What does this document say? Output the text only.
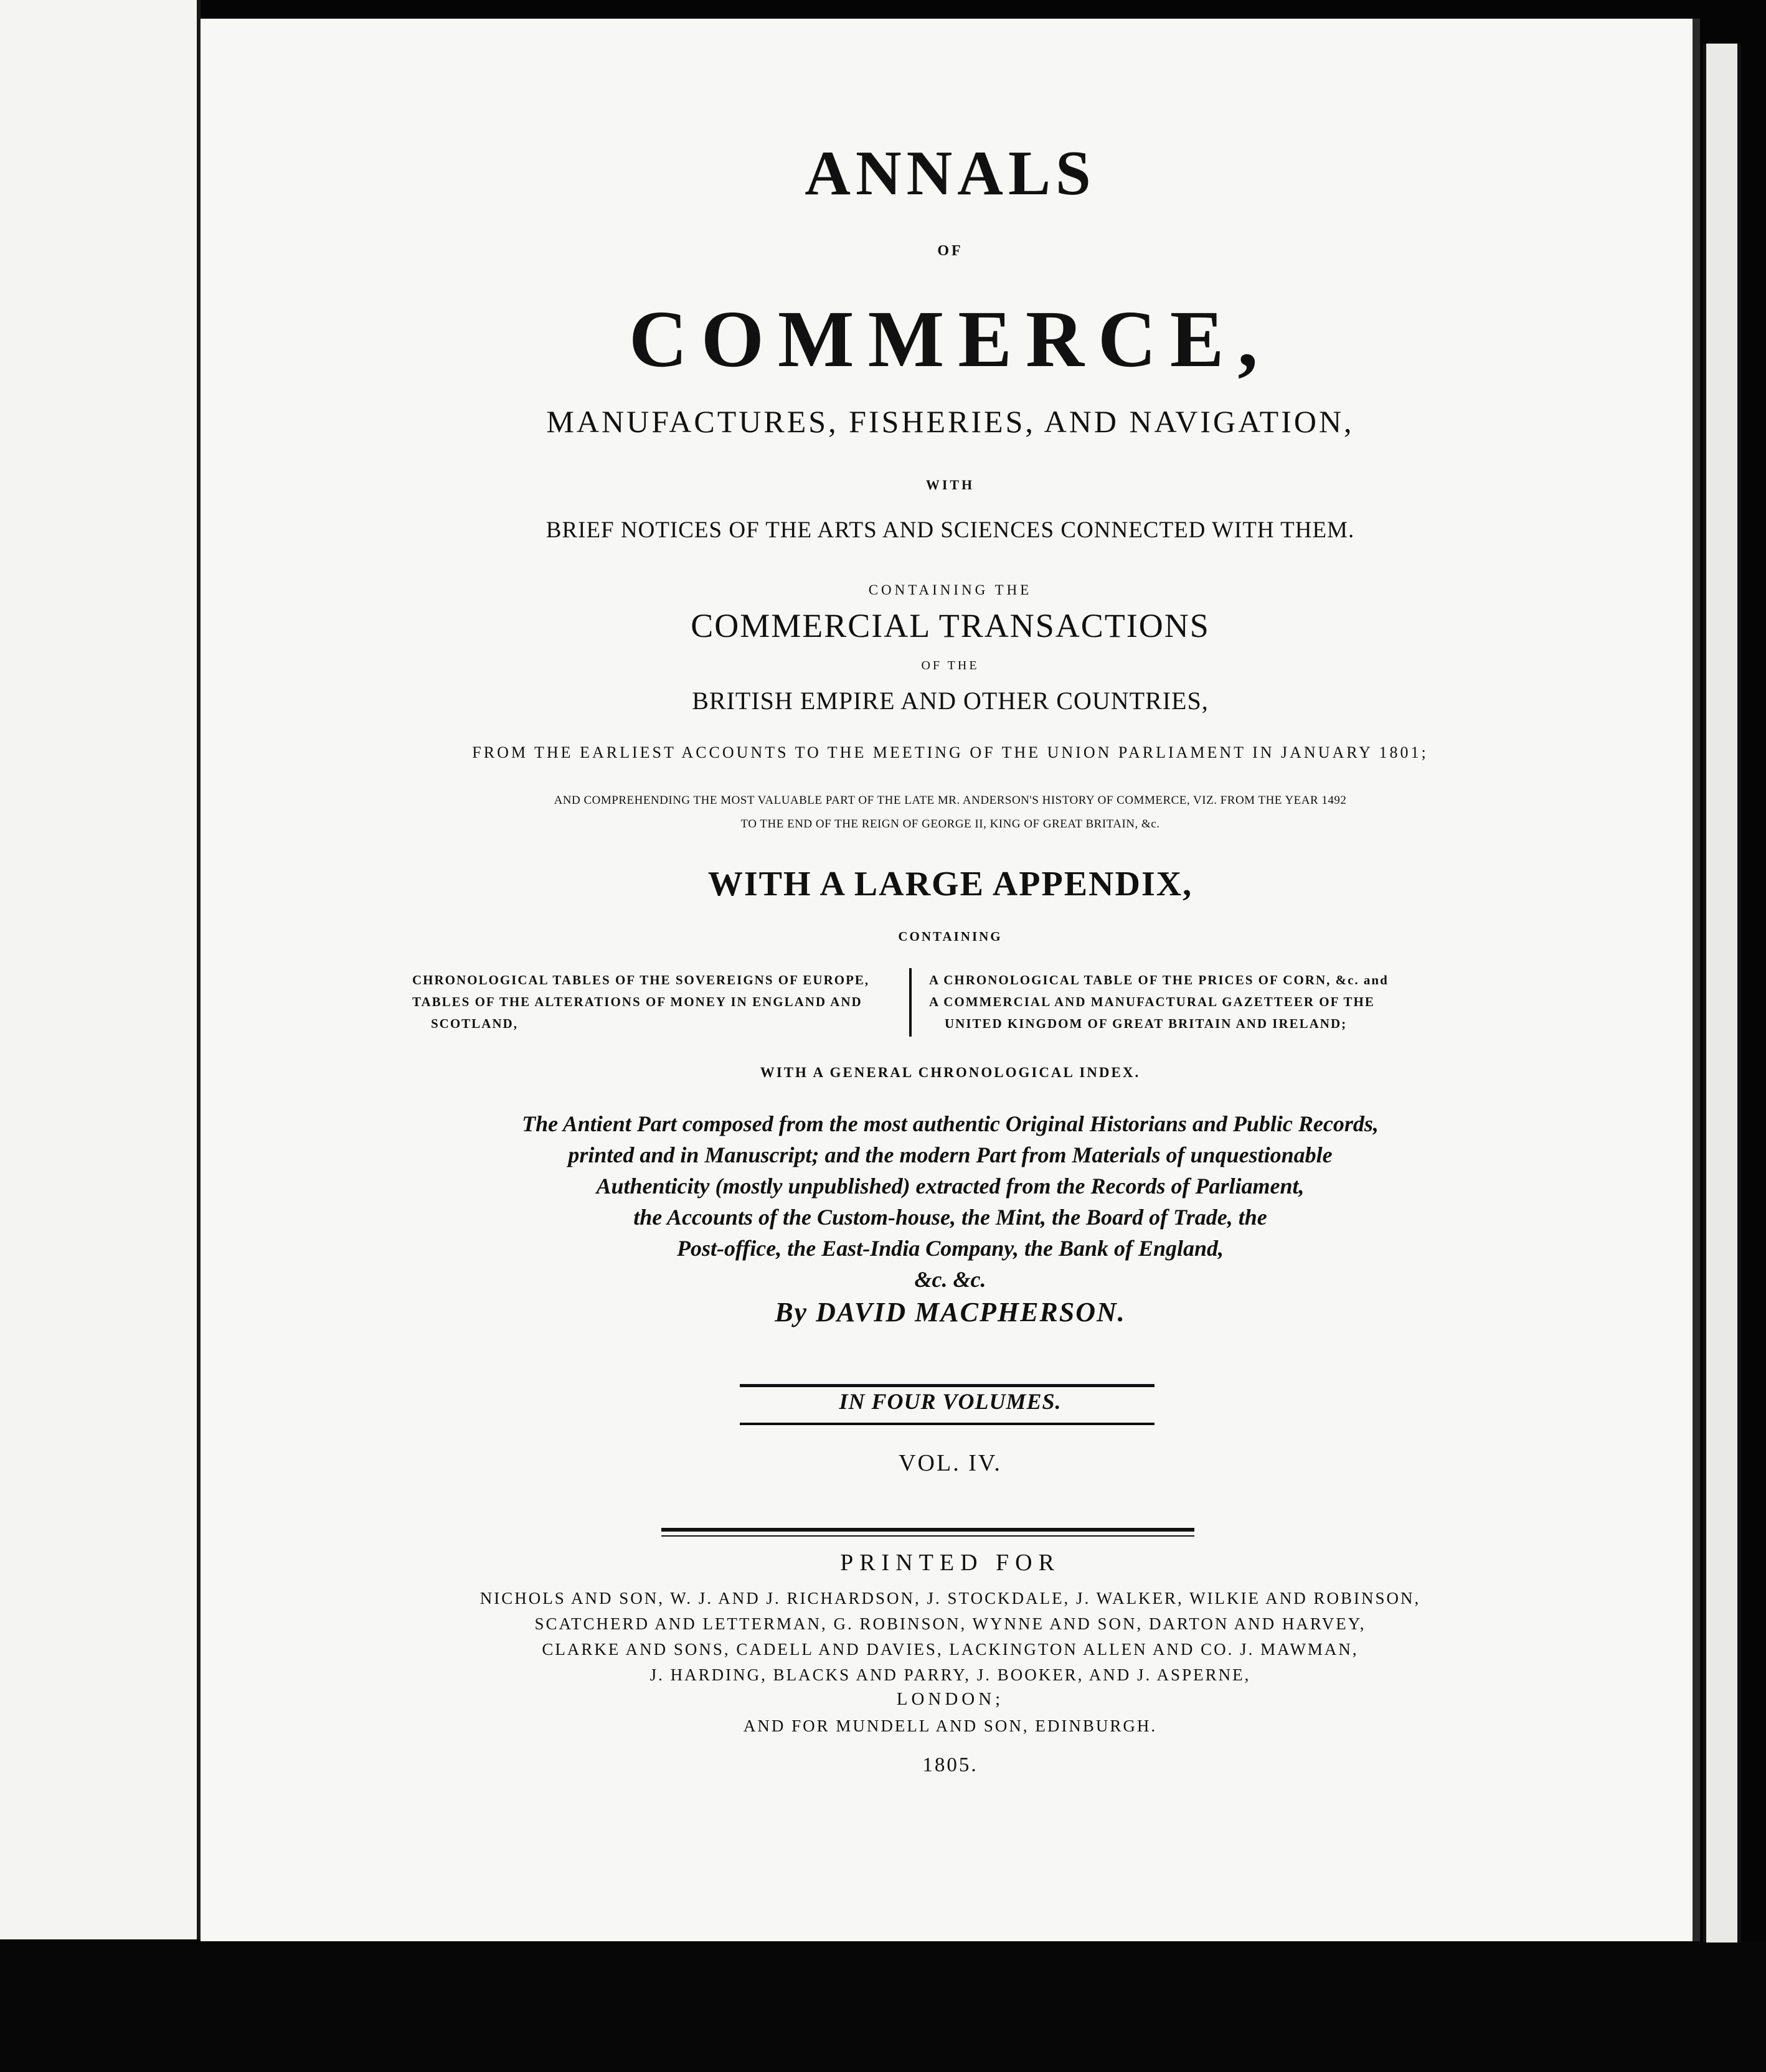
ANNALS
OF
COMMERCE,
MANUFACTURES, FISHERIES, AND NAVIGATION,
WITH
BRIEF NOTICES OF THE ARTS AND SCIENCES CONNECTED WITH THEM.
CONTAINING THE
COMMERCIAL TRANSACTIONS
OF THE
BRITISH EMPIRE AND OTHER COUNTRIES,
FROM THE EARLIEST ACCOUNTS TO THE MEETING OF THE UNION PARLIAMENT IN JANUARY 1801;
AND COMPREHENDING THE MOST VALUABLE PART OF THE LATE MR. ANDERSON'S HISTORY OF COMMERCE, VIZ. FROM THE YEAR 1492
TO THE END OF THE REIGN OF GEORGE II, KING OF GREAT BRITAIN, &c.
WITH A LARGE APPENDIX,
CONTAINING
CHRONOLOGICAL TABLES OF THE SOVEREIGNS OF EUROPE,
TABLES OF THE ALTERATIONS OF MONEY IN ENGLAND AND
SCOTLAND,
A CHRONOLOGICAL TABLE OF THE PRICES OF CORN, &c. and
A COMMERCIAL AND MANUFACTURAL GAZETTEER OF THE
UNITED KINGDOM OF GREAT BRITAIN AND IRELAND;
WITH A GENERAL CHRONOLOGICAL INDEX.
The Antient Part composed from the most authentic Original Historians and Public Records,
printed and in Manuscript; and the modern Part from Materials of unquestionable
Authenticity (mostly unpublished) extracted from the Records of Parliament,
the Accounts of the Custom-house, the Mint, the Board of Trade, the
Post-office, the East-India Company, the Bank of England,
&c. &c.
By DAVID MACPHERSON.
IN FOUR VOLUMES.
VOL. IV.
PRINTED FOR
NICHOLS AND SON, W. J. AND J. RICHARDSON, J. STOCKDALE, J. WALKER, WILKIE AND ROBINSON,
SCATCHERD AND LETTERMAN, G. ROBINSON, WYNNE AND SON, DARTON AND HARVEY,
CLARKE AND SONS, CADELL AND DAVIES, LACKINGTON ALLEN AND CO. J. MAWMAN,
J. HARDING, BLACKS AND PARRY, J. BOOKER, AND J. ASPERNE,
LONDON;
AND FOR MUNDELL AND SON, EDINBURGH.
1805.
